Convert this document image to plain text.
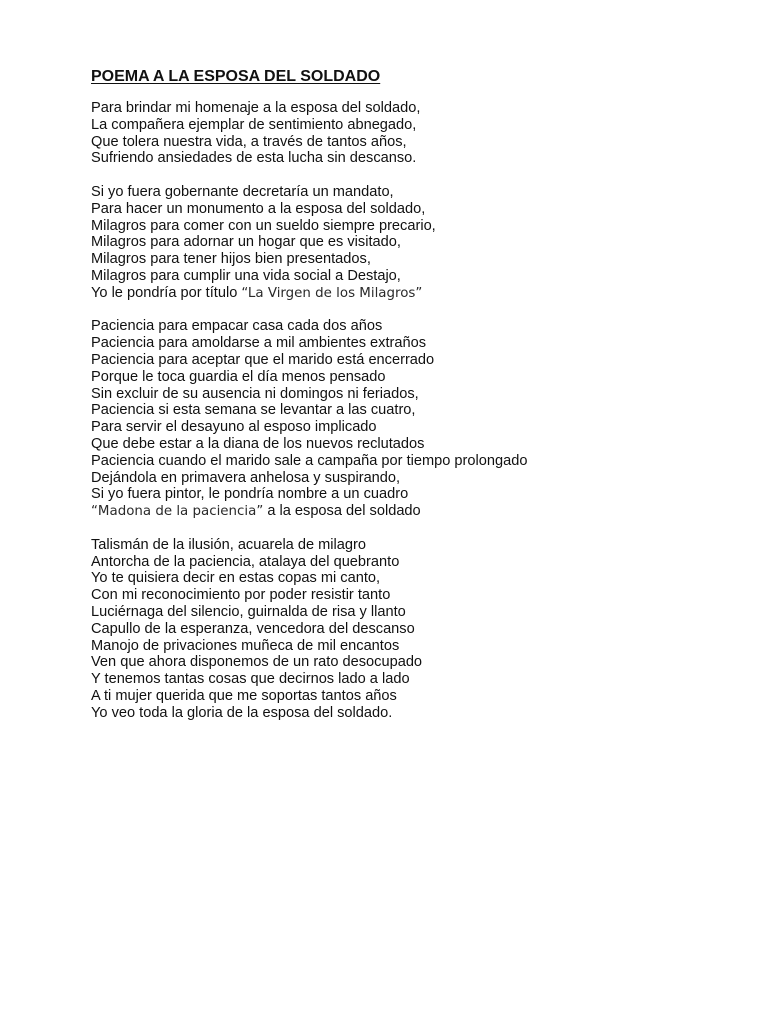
POEMA A LA ESPOSA DEL SOLDADO
Para brindar mi homenaje a la esposa del soldado,
La compañera ejemplar de sentimiento abnegado,
Que tolera nuestra vida, a través de tantos años,
Sufriendo ansiedades de esta lucha sin descanso.
Si yo fuera gobernante decretaría un mandato,
Para hacer un monumento a la esposa del soldado,
Milagros para comer con un sueldo siempre precario,
Milagros para adornar un hogar que es visitado,
Milagros para tener hijos bien presentados,
Milagros para cumplir una vida social a Destajo,
Yo le pondría por título “La Virgen de los Milagros”
Paciencia para empacar casa cada dos años
Paciencia para amoldarse a mil ambientes extraños
Paciencia para aceptar que el marido está encerrado
Porque le toca guardia el día menos pensado
Sin excluir de su ausencia ni domingos ni feriados,
Paciencia si esta semana se levantar a las cuatro,
Para servir el desayuno al esposo implicado
Que debe estar a la diana de los nuevos reclutados
Paciencia cuando el marido sale a campaña por tiempo prolongado
Dejándola en primavera anhelosa y suspirando,
Si yo fuera pintor, le pondría nombre a un cuadro
“Madona de la paciencia” a la esposa del soldado
Talismán de la ilusión, acuarela de milagro
Antorcha de la paciencia, atalaya del quebranto
Yo te quisiera decir en estas copas mi canto,
Con mi reconocimiento por poder resistir tanto
Luciérnaga del silencio, guirnalda de risa y llanto
Capullo de la esperanza, vencedora del descanso
Manojo de privaciones muñeca de mil encantos
Ven que ahora disponemos de un rato desocupado
Y tenemos tantas cosas que decirnos lado a lado
A ti mujer querida que me soportas tantos años
Yo veo toda la gloria de la esposa del soldado.
